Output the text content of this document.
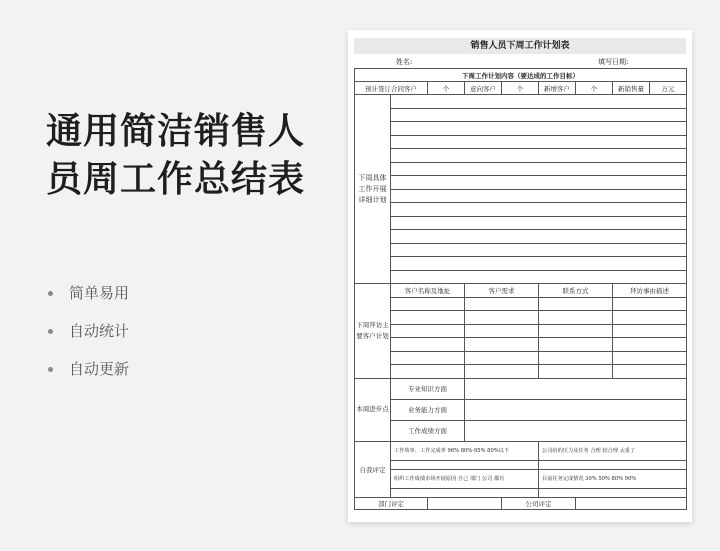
通用简洁销售人
员周工作总结表
简单易用
自动统计
自动更新
销售人员下周工作计划表
姓名:	填写日期:
下周工作计划内容（要达成的工作目标）								
预计签订合同客户		个	意向客户	个	新增客户	个	新销售量	万元
下周具体工作开展详细计划								

下周拜访主要客户计划	客户名称及地址		客户需求		联系方式		拜访事由描述	

本周进步点	专业知识方面							
	业务能力方面							
	工作成绩方面							
自我评定	工作效率、工作完成率 96% 80%-95% 80%以下				公司给的压力及任务 合理 较合理 太重了			

	组织工作成绩市场开展原因 自己 部门 公司 都有				目前任务完成情况 30% 50% 80% 90%			

部门评定				公司评定				
